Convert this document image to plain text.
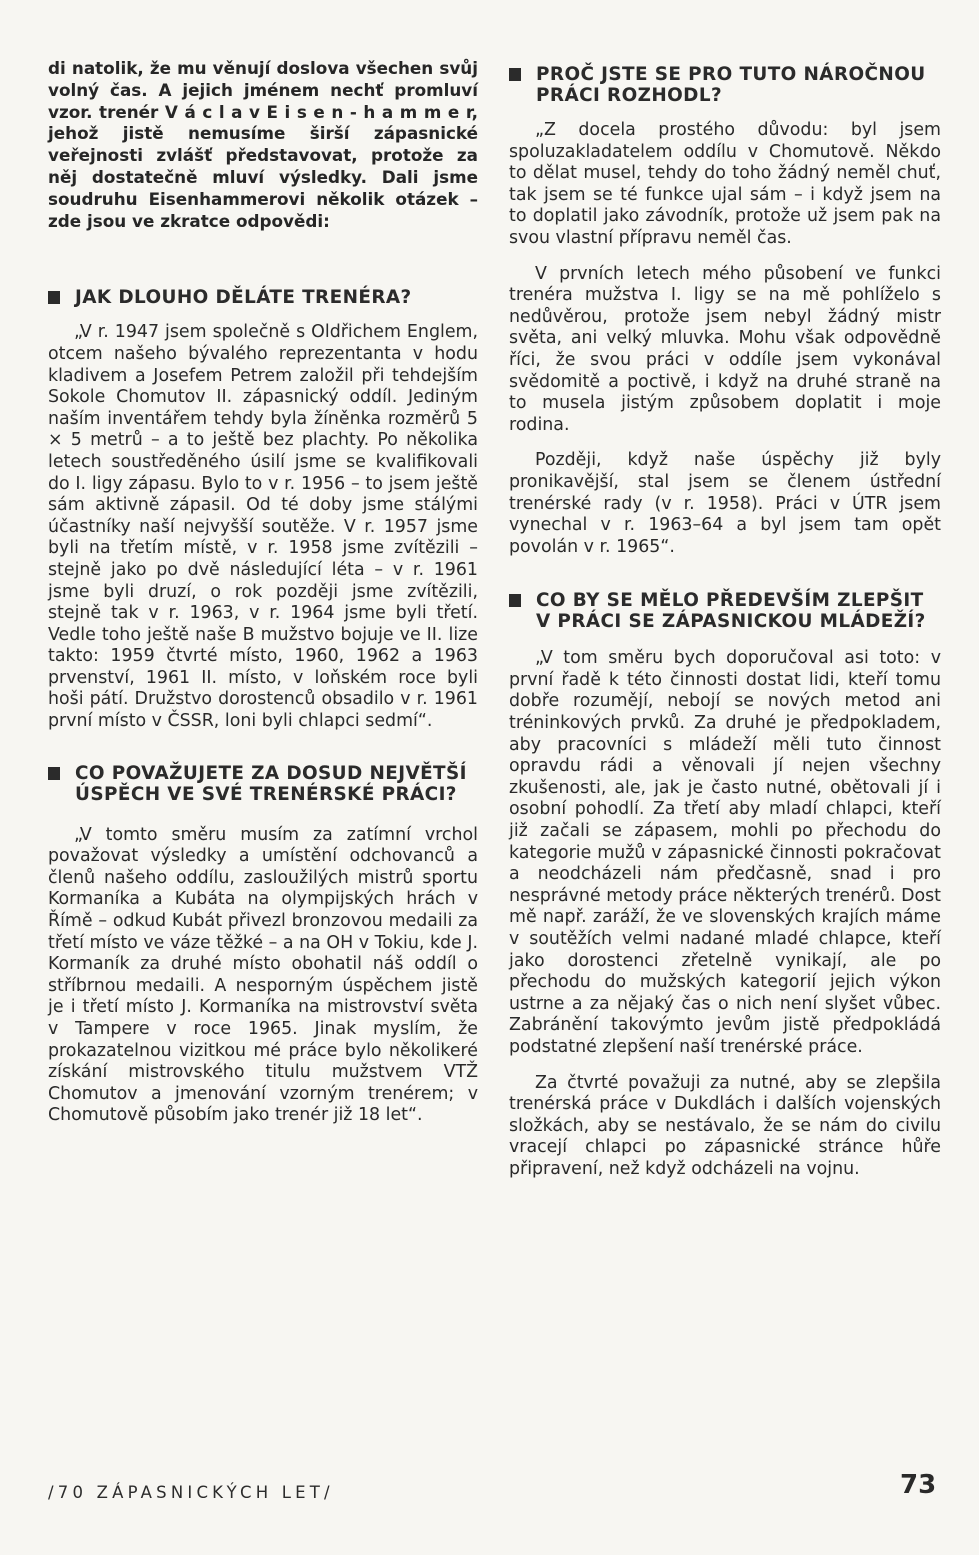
di natolik, že mu věnují doslova všechen svůj volný čas. A jejich jménem nechť promluví vzor. trenér V á c l a v E i s e n - h a m m e r, jehož jistě nemusíme širší zápasnické veřejnosti zvlášť představovat, protože za něj dostatečně mluví výsledky. Dali jsme soudruhu Eisenhammerovi několik otázek – zde jsou ve zkratce odpovědi:

JAK DLOUHO DĚLÁTE TRENÉRA?

„V r. 1947 jsem společně s Oldřichem Englem, otcem našeho bývalého reprezentanta v hodu kladivem a Josefem Petrem založil při tehdejším Sokole Chomutov II. zápasnický oddíl. Jediným naším inventářem tehdy byla žíněnka rozměrů 5 × 5 metrů – a to ještě bez plachty. Po několika letech soustředěného úsilí jsme se kvalifikovali do I. ligy zápasu. Bylo to v r. 1956 – to jsem ještě sám aktivně zápasil. Od té doby jsme stálými účastníky naší nejvyšší soutěže. V r. 1957 jsme byli na třetím místě, v r. 1958 jsme zvítězili – stejně jako po dvě následující léta – v r. 1961 jsme byli druzí, o rok později jsme zvítězili, stejně tak v r. 1963, v r. 1964 jsme byli třetí. Vedle toho ještě naše B mužstvo bojuje ve II. lize takto: 1959 čtvrté místo, 1960, 1962 a 1963 prvenství, 1961 II. místo, v loňském roce byli hoši pátí. Družstvo dorostenců obsadilo v r. 1961 první místo v ČSSR, loni byli chlapci sedmí“.

CO POVAŽUJETE ZA DOSUD NEJVĚTŠÍ ÚSPĚCH VE SVÉ TRENÉRSKÉ PRÁCI?

„V tomto směru musím za zatímní vrchol považovat výsledky a umístění odchovanců a členů našeho oddílu, zasloužilých mistrů sportu Kormaníka a Kubáta na olympijských hrách v Římě – odkud Kubát přivezl bronzovou medaili za třetí místo ve váze těžké – a na OH v Tokiu, kde J. Kormaník za druhé místo obohatil náš oddíl o stříbrnou medaili. A nesporným úspěchem jistě je i třetí místo J. Kormaníka na mistrovství světa v Tampere v roce 1965. Jinak myslím, že prokazatelnou vizitkou mé práce bylo několikeré získání mistrovského titulu mužstvem VTŽ Chomutov a jmenování vzorným trenérem; v Chomutově působím jako trenér již 18 let“.

PROČ JSTE SE PRO TUTO NÁROČNOU PRÁCI ROZHODL?

„Z docela prostého důvodu: byl jsem spoluzakladatelem oddílu v Chomutově. Někdo to dělat musel, tehdy do toho žádný neměl chuť, tak jsem se té funkce ujal sám – i když jsem na to doplatil jako závodník, protože už jsem pak na svou vlastní přípravu neměl čas.

V prvních letech mého působení ve funkci trenéra mužstva I. ligy se na mě pohlíželo s nedůvěrou, protože jsem nebyl žádný mistr světa, ani velký mluvka. Mohu však odpovědně říci, že svou práci v oddíle jsem vykonával svědomitě a poctivě, i když na druhé straně na to musela jistým způsobem doplatit i moje rodina.

Později, když naše úspěchy již byly pronikavější, stal jsem se členem ústřední trenérské rady (v r. 1958). Práci v ÚTR jsem vynechal v r. 1963–64 a byl jsem tam opět povolán v r. 1965“.

CO BY SE MĚLO PŘEDEVŠÍM ZLEPŠIT V PRÁCI SE ZÁPASNICKOU MLÁDEŽÍ?

„V tom směru bych doporučoval asi toto: v první řadě k této činnosti dostat lidi, kteří tomu dobře rozumějí, nebojí se nových metod ani tréninkových prvků. Za druhé je předpokladem, aby pracovníci s mládeží měli tuto činnost opravdu rádi a věnovali jí nejen všechny zkušenosti, ale, jak je často nutné, obětovali jí i osobní pohodlí. Za třetí aby mladí chlapci, kteří již začali se zápasem, mohli po přechodu do kategorie mužů v zápasnické činnosti pokračovat a neodcházeli nám předčasně, snad i pro nesprávné metody práce některých trenérů. Dost mě např. zaráží, že ve slovenských krajích máme v soutěžích velmi nadané mladé chlapce, kteří jako dorostenci zřetelně vynikají, ale po přechodu do mužských kategorií jejich výkon ustrne a za nějaký čas o nich není slyšet vůbec. Zabránění takovýmto jevům jistě předpokládá podstatné zlepšení naší trenérské práce.

Za čtvrté považuji za nutné, aby se zlepšila trenérská práce v Dukdlách i dalších vojenských složkách, aby se nestávalo, že se nám do civilu vracejí chlapci po zápasnické stránce hůře připravení, než když odcházeli na vojnu.

/70 ZÁPASNICKÝCH LET/	73
